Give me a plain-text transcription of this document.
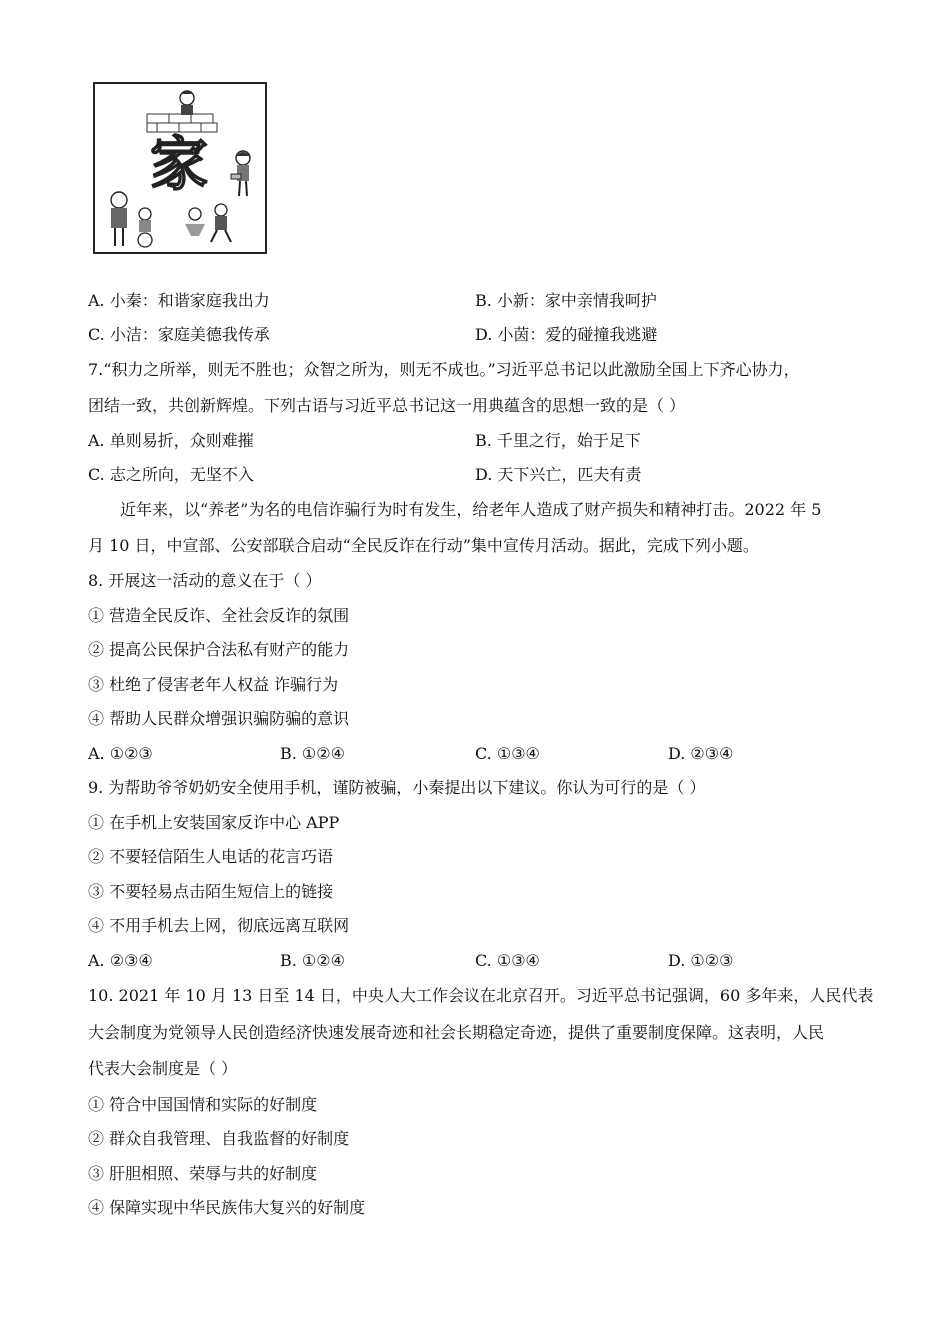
家
A. 小秦：和谐家庭我出力	B. 小新：家中亲情我呵护
C. 小洁：家庭美德我传承	D. 小茵：爱的碰撞我逃避
7.“积力之所举，则无不胜也；众智之所为，则无不成也。”习近平总书记以此激励全国上下齐心协力，
团结一致，共创新辉煌。下列古语与习近平总书记这一用典蕴含的思想一致的是（ ）
A. 单则易折，众则难摧	B. 千里之行，始于足下
C. 志之所向，无坚不入	D. 天下兴亡，匹夫有责
近年来，以“养老”为名的电信诈骗行为时有发生，给老年人造成了财产损失和精神打击。2022 年 5
月 10 日，中宣部、公安部联合启动“全民反诈在行动”集中宣传月活动。据此，完成下列小题。
8. 开展这一活动的意义在于（ ）
① 营造全民反诈、全社会反诈的氛围
② 提高公民保护合法私有财产的能力
③ 杜绝了侵害老年人权益 诈骗行为
④ 帮助人民群众增强识骗防骗的意识
A. ①②③	B. ①②④	C. ①③④	D. ②③④
9. 为帮助爷爷奶奶安全使用手机，谨防被骗，小秦提出以下建议。你认为可行的是（ ）
① 在手机上安装国家反诈中心 APP
② 不要轻信陌生人电话的花言巧语
③ 不要轻易点击陌生短信上的链接
④ 不用手机去上网，彻底远离互联网
A. ②③④	B. ①②④	C. ①③④	D. ①②③
10. 2021 年 10 月 13 日至 14 日，中央人大工作会议在北京召开。习近平总书记强调，60 多年来，人民代表
大会制度为党领导人民创造经济快速发展奇迹和社会长期稳定奇迹，提供了重要制度保障。这表明，人民
代表大会制度是（ ）
① 符合中国国情和实际的好制度
② 群众自我管理、自我监督的好制度
③ 肝胆相照、荣辱与共的好制度
④ 保障实现中华民族伟大复兴的好制度
